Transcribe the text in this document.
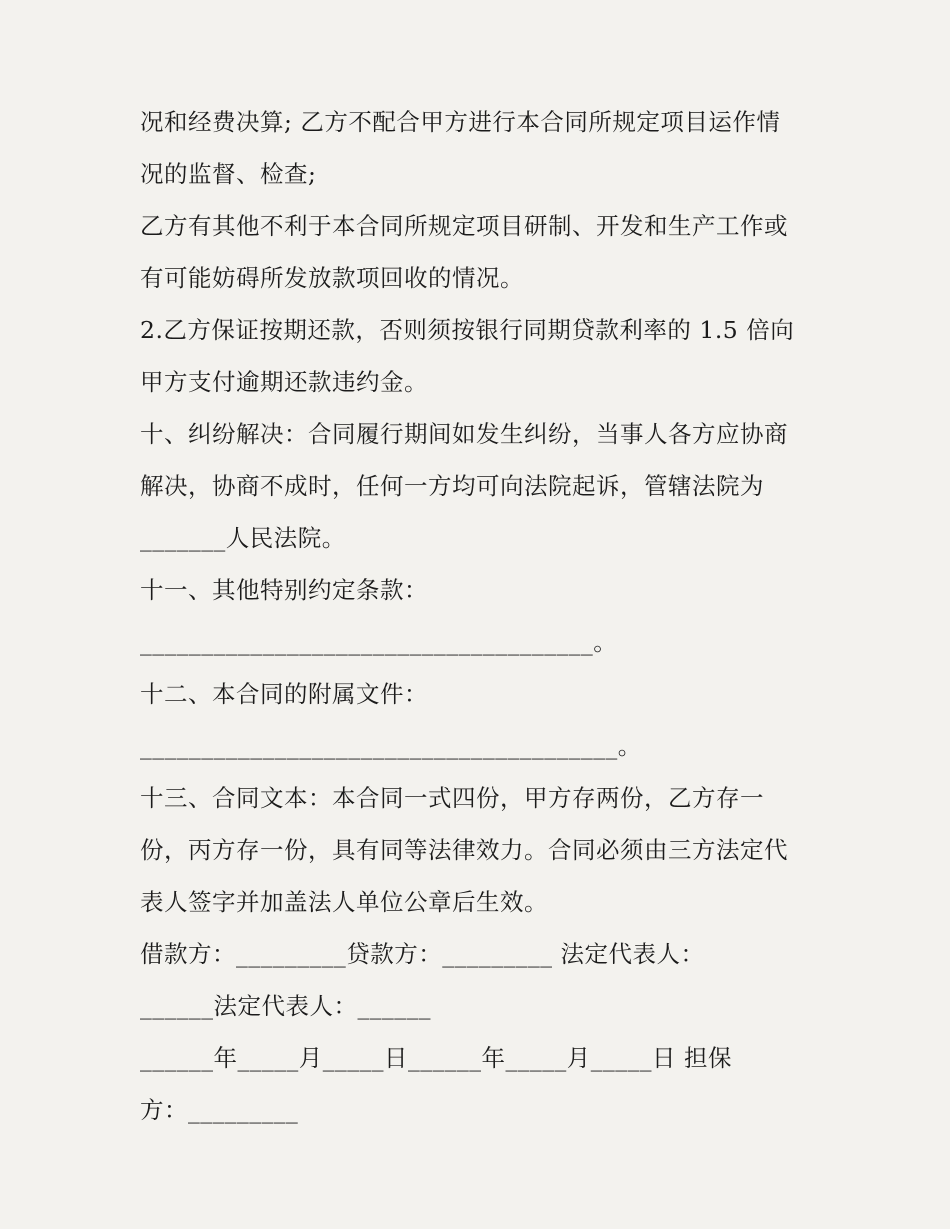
况和经费决算; 乙方不配合甲方进行本合同所规定项目运作情

况的监督、检查;

乙方有其他不利于本合同所规定项目研制、开发和生产工作或

有可能妨碍所发放款项回收的情况。

2.乙方保证按期还款，否则须按银行同期贷款利率的 1.5 倍向

甲方支付逾期还款违约金。

十、纠纷解决：合同履行期间如发生纠纷，当事人各方应协商

解决，协商不成时，任何一方均可向法院起诉，管辖法院为

_______人民法院。

十一、其他特别约定条款：

_____________________________________。

十二、本合同的附属文件：

_______________________________________。

十三、合同文本：本合同一式四份，甲方存两份，乙方存一

份，丙方存一份，具有同等法律效力。合同必须由三方法定代

表人签字并加盖法人单位公章后生效。

借款方：_________贷款方：_________ 法定代表人：

______法定代表人：______

______年_____月_____日______年_____月_____日 担保

方：_________
